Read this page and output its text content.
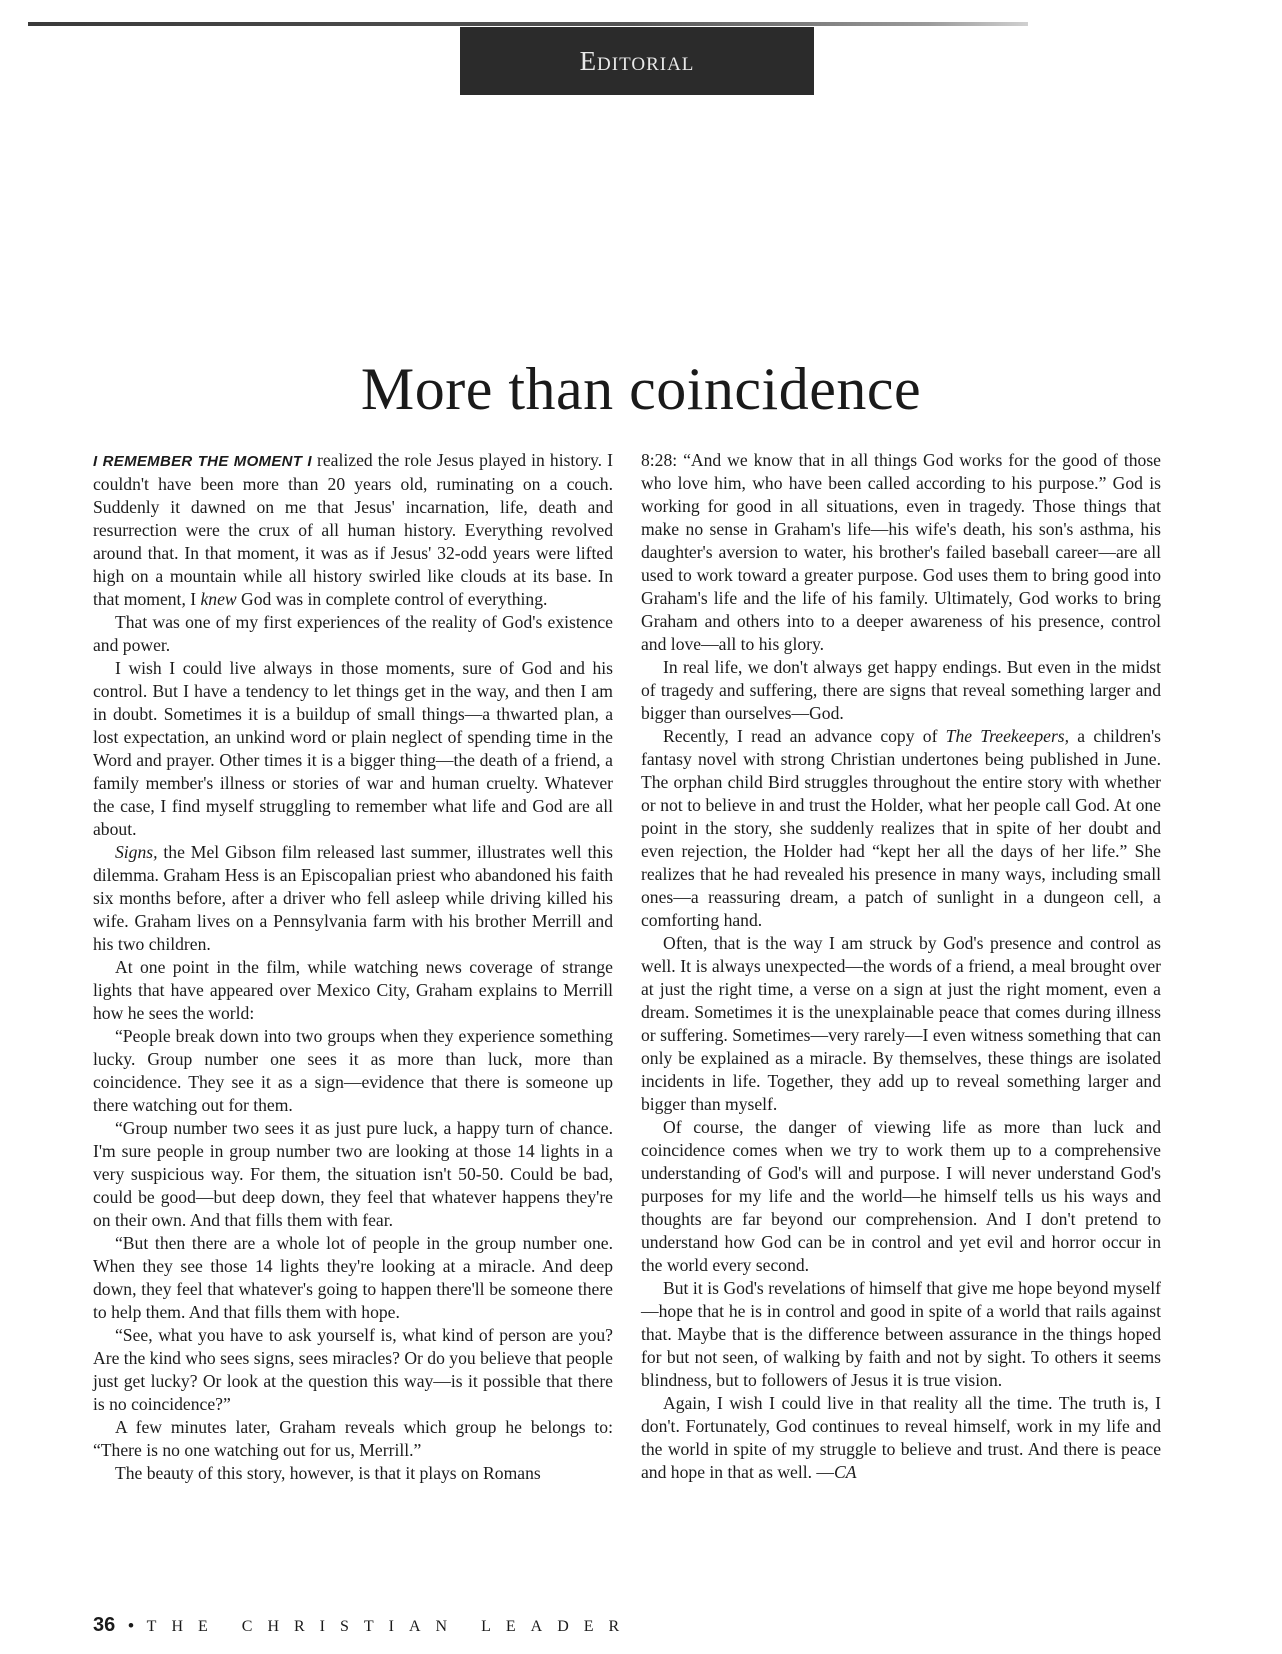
Editorial
More than coincidence

I REMEMBER THE MOMENT I realized the role Jesus played in history. I couldn't have been more than 20 years old, ruminating on a couch. Suddenly it dawned on me that Jesus' incarnation, life, death and resurrection were the crux of all human history. Everything revolved around that. In that moment, it was as if Jesus' 32-odd years were lifted high on a mountain while all history swirled like clouds at its base. In that moment, I knew God was in complete control of everything.

That was one of my first experiences of the reality of God's existence and power.

I wish I could live always in those moments, sure of God and his control. But I have a tendency to let things get in the way, and then I am in doubt. Sometimes it is a buildup of small things—a thwarted plan, a lost expectation, an unkind word or plain neglect of spending time in the Word and prayer. Other times it is a bigger thing—the death of a friend, a family member's illness or stories of war and human cruelty. Whatever the case, I find myself struggling to remember what life and God are all about.

Signs, the Mel Gibson film released last summer, illustrates well this dilemma. Graham Hess is an Episcopalian priest who abandoned his faith six months before, after a driver who fell asleep while driving killed his wife. Graham lives on a Pennsylvania farm with his brother Merrill and his two children.

At one point in the film, while watching news coverage of strange lights that have appeared over Mexico City, Graham explains to Merrill how he sees the world:

“People break down into two groups when they experience something lucky. Group number one sees it as more than luck, more than coincidence. They see it as a sign—evidence that there is someone up there watching out for them.

“Group number two sees it as just pure luck, a happy turn of chance. I'm sure people in group number two are looking at those 14 lights in a very suspicious way. For them, the situation isn't 50-50. Could be bad, could be good—but deep down, they feel that whatever happens they're on their own. And that fills them with fear.

“But then there are a whole lot of people in the group number one. When they see those 14 lights they're looking at a miracle. And deep down, they feel that whatever's going to happen there'll be someone there to help them. And that fills them with hope.

“See, what you have to ask yourself is, what kind of person are you? Are the kind who sees signs, sees miracles? Or do you believe that people just get lucky? Or look at the question this way—is it possible that there is no coincidence?”

A few minutes later, Graham reveals which group he belongs to: “There is no one watching out for us, Merrill.”

The beauty of this story, however, is that it plays on Romans

8:28: “And we know that in all things God works for the good of those who love him, who have been called according to his purpose.” God is working for good in all situations, even in tragedy. Those things that make no sense in Graham's life—his wife's death, his son's asthma, his daughter's aversion to water, his brother's failed baseball career—are all used to work toward a greater purpose. God uses them to bring good into Graham's life and the life of his family. Ultimately, God works to bring Graham and others into to a deeper awareness of his presence, control and love—all to his glory.

In real life, we don't always get happy endings. But even in the midst of tragedy and suffering, there are signs that reveal something larger and bigger than ourselves—God.

Recently, I read an advance copy of The Treekeepers, a children's fantasy novel with strong Christian undertones being published in June. The orphan child Bird struggles throughout the entire story with whether or not to believe in and trust the Holder, what her people call God. At one point in the story, she suddenly realizes that in spite of her doubt and even rejection, the Holder had “kept her all the days of her life.” She realizes that he had revealed his presence in many ways, including small ones—a reassuring dream, a patch of sunlight in a dungeon cell, a comforting hand.

Often, that is the way I am struck by God's presence and control as well. It is always unexpected—the words of a friend, a meal brought over at just the right time, a verse on a sign at just the right moment, even a dream. Sometimes it is the unexplainable peace that comes during illness or suffering. Sometimes—very rarely—I even witness something that can only be explained as a miracle. By themselves, these things are isolated incidents in life. Together, they add up to reveal something larger and bigger than myself.

Of course, the danger of viewing life as more than luck and coincidence comes when we try to work them up to a comprehensive understanding of God's will and purpose. I will never understand God's purposes for my life and the world—he himself tells us his ways and thoughts are far beyond our comprehension. And I don't pretend to understand how God can be in control and yet evil and horror occur in the world every second.

But it is God's revelations of himself that give me hope beyond myself—hope that he is in control and good in spite of a world that rails against that. Maybe that is the difference between assurance in the things hoped for but not seen, of walking by faith and not by sight. To others it seems blindness, but to followers of Jesus it is true vision.

Again, I wish I could live in that reality all the time. The truth is, I don't. Fortunately, God continues to reveal himself, work in my life and the world in spite of my struggle to believe and trust. And there is peace and hope in that as well. —CA

36 • THE CHRISTIAN LEADER
